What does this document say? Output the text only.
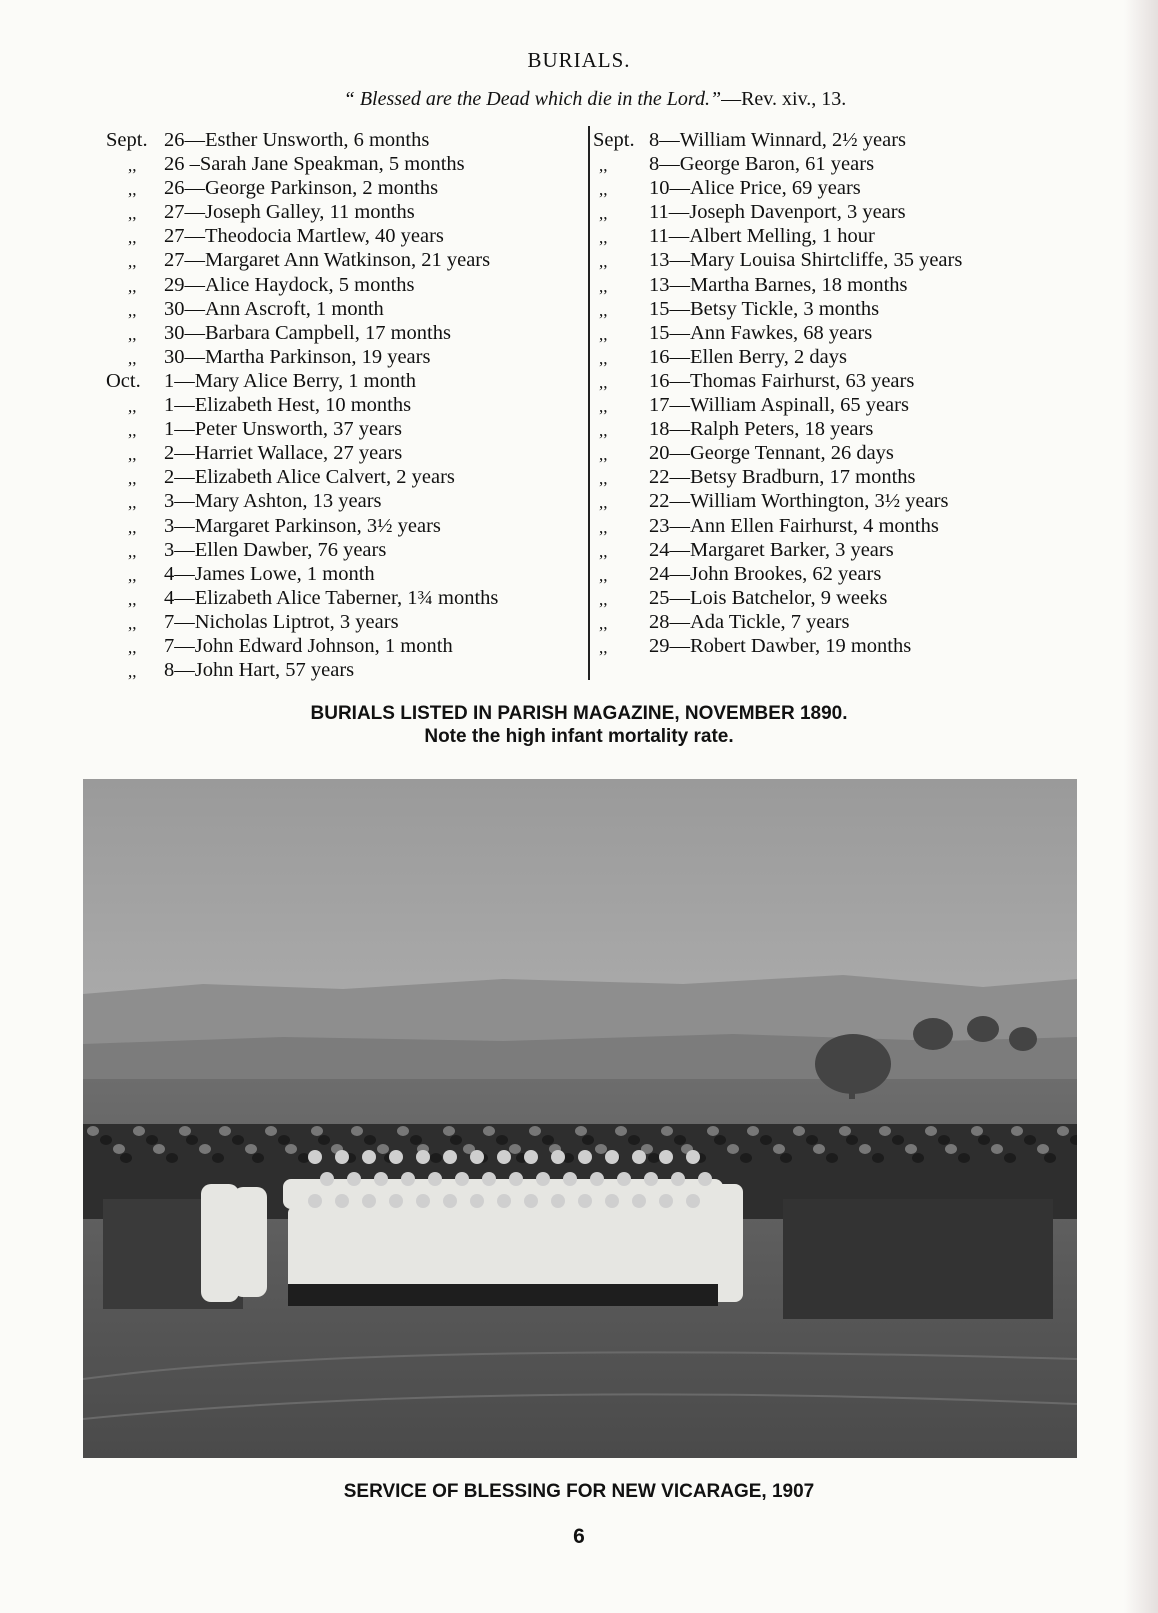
BURIALS.
“ Blessed are the Dead which die in the Lord.”—Rev. xiv., 13.
Sept. 26—Esther Unsworth, 6 months
,, 26 –Sarah Jane Speakman, 5 months
,, 26—George Parkinson, 2 months
,, 27—Joseph Galley, 11 months
,, 27—Theodocia Martlew, 40 years
,, 27—Margaret Ann Watkinson, 21 years
,, 29—Alice Haydock, 5 months
,, 30—Ann Ascroft, 1 month
,, 30—Barbara Campbell, 17 months
,, 30—Martha Parkinson, 19 years
Oct.	1—Mary Alice Berry, 1 month
,, 1—Elizabeth Hest, 10 months
,, 1—Peter Unsworth, 37 years
,, 2—Harriet Wallace, 27 years
,, 2—Elizabeth Alice Calvert, 2 years
,, 3—Mary Ashton, 13 years
,, 3—Margaret Parkinson, 3½ years
,, 3—Ellen Dawber, 76 years
,, 4—James Lowe, 1 month
,, 4—Elizabeth Alice Taberner, 1¾ months
,, 7—Nicholas Liptrot, 3 years
,, 7—John Edward Johnson, 1 month
,, 8—John Hart, 57 years
Sept. 8—William Winnard, 2½ years
,, 8—George Baron, 61 years
,, 10—Alice Price, 69 years
,, 11—Joseph Davenport, 3 years
,, 11—Albert Melling, 1 hour
,, 13—Mary Louisa Shirtcliffe, 35 years
,, 13—Martha Barnes, 18 months
,, 15—Betsy Tickle, 3 months
,, 15—Ann Fawkes, 68 years
,, 16—Ellen Berry, 2 days
,, 16—Thomas Fairhurst, 63 years
,, 17—William Aspinall, 65 years
,, 18—Ralph Peters, 18 years
,, 20—George Tennant, 26 days
,, 22—Betsy Bradburn, 17 months
,, 22—William Worthington, 3½ years
,, 23—Ann Ellen Fairhurst, 4 months
,, 24—Margaret Barker, 3 years
,, 24—John Brookes, 62 years
,, 25—Lois Batchelor, 9 weeks
,, 28—Ada Tickle, 7 years
,, 29—Robert Dawber, 19 months
BURIALS LISTED IN PARISH MAGAZINE, NOVEMBER 1890.
Note the high infant mortality rate.
SERVICE OF BLESSING FOR NEW VICARAGE, 1907
6
